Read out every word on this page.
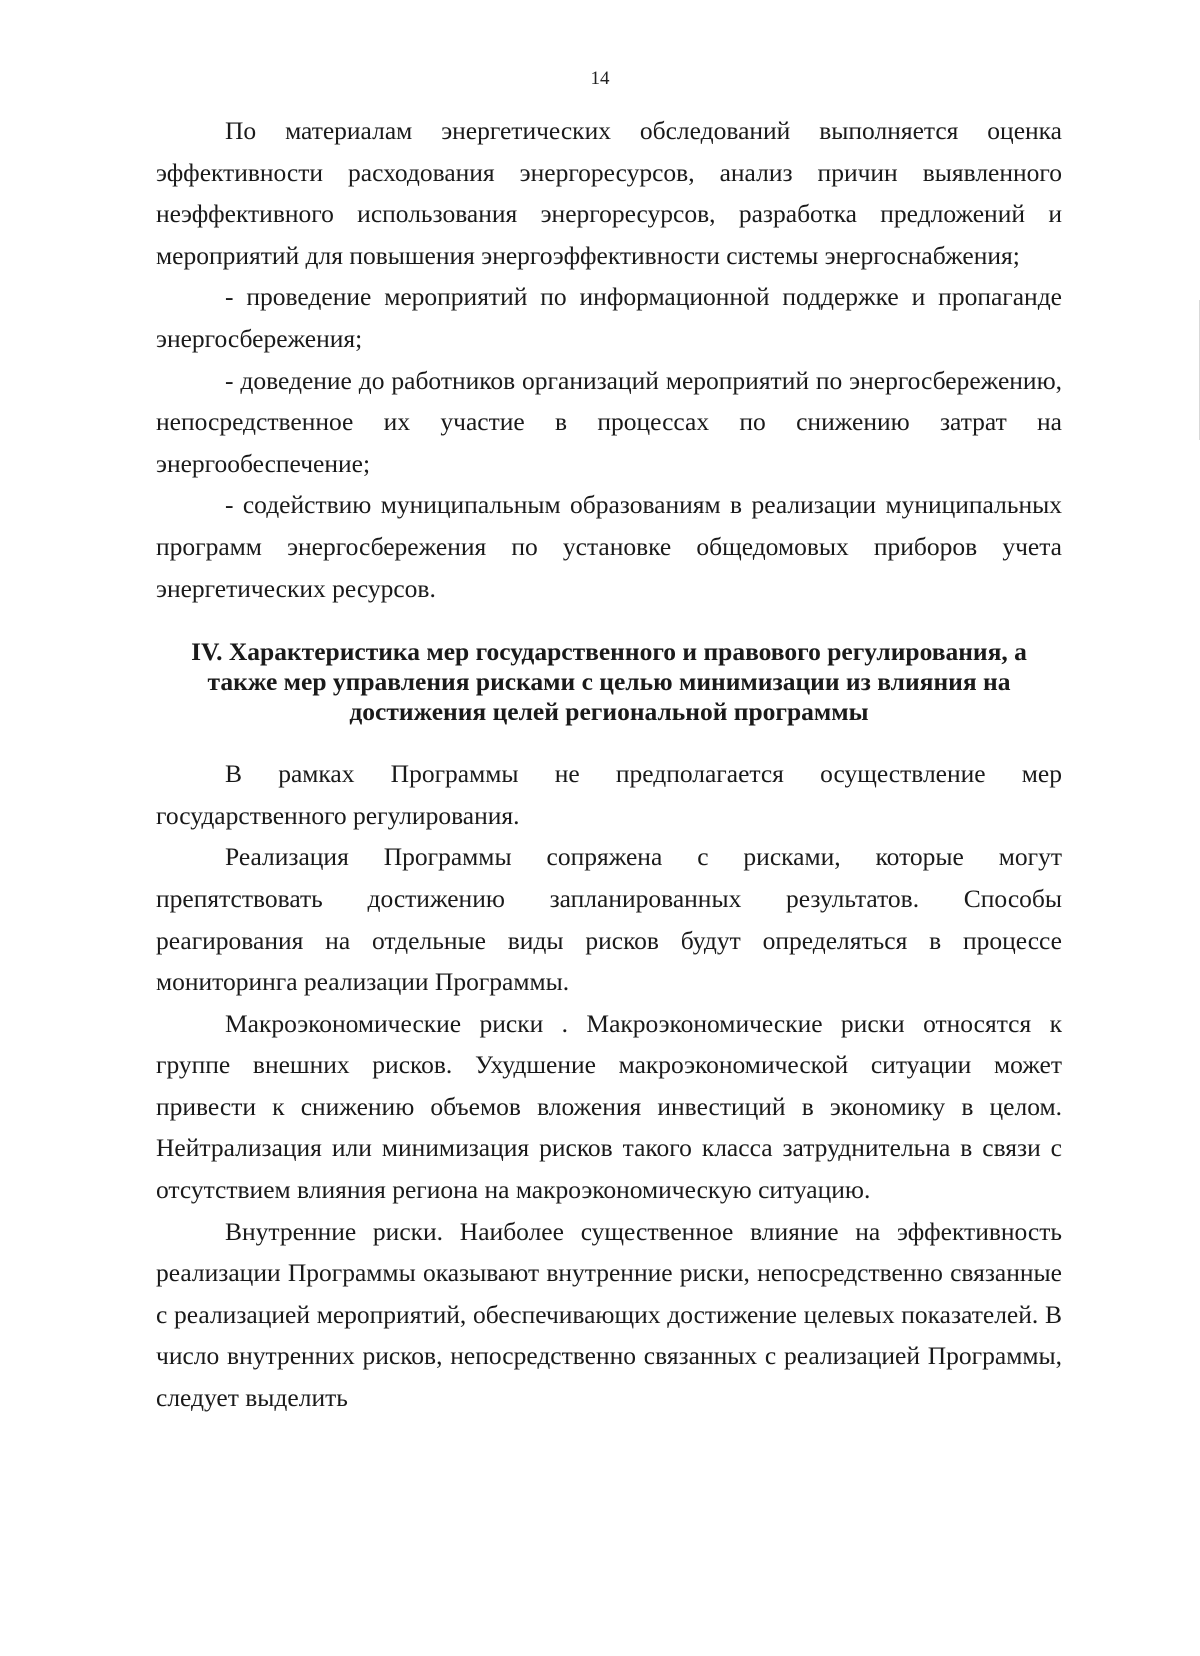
14

По материалам энергетических обследований выполняется оценка эффективности расходования энергоресурсов, анализ причин выявленного неэффективного использования энергоресурсов, разработка предложений и мероприятий для повышения энергоэффективности системы энергоснабжения;

- проведение мероприятий по информационной поддержке и пропаганде энергосбережения;

- доведение до работников организаций мероприятий по энергосбережению, непосредственное их участие в процессах по снижению затрат на энергообеспечение;

- содействию муниципальным образованиям в реализации муниципальных программ энергосбережения по установке общедомовых приборов учета энергетических ресурсов.

IV. Характеристика мер государственного и правового регулирования, а также мер управления рисками с целью минимизации из влияния на достижения целей региональной программы

В рамках Программы не предполагается осуществление мер государственного регулирования.

Реализация Программы сопряжена с рисками, которые могут препятствовать достижению запланированных результатов. Способы реагирования на отдельные виды рисков будут определяться в процессе мониторинга реализации Программы.

Макроэкономические риски . Макроэкономические риски относятся к группе внешних рисков. Ухудшение макроэкономической ситуации может привести к снижению объемов вложения инвестиций в экономику в целом. Нейтрализация или минимизация рисков такого класса затруднительна в связи с отсутствием влияния региона на макроэкономическую ситуацию.

Внутренние риски. Наиболее существенное влияние на эффективность реализации Программы оказывают внутренние риски, непосредственно связанные с реализацией мероприятий, обеспечивающих достижение целевых показателей. В число внутренних рисков, непосредственно связанных с реализацией Программы, следует выделить
